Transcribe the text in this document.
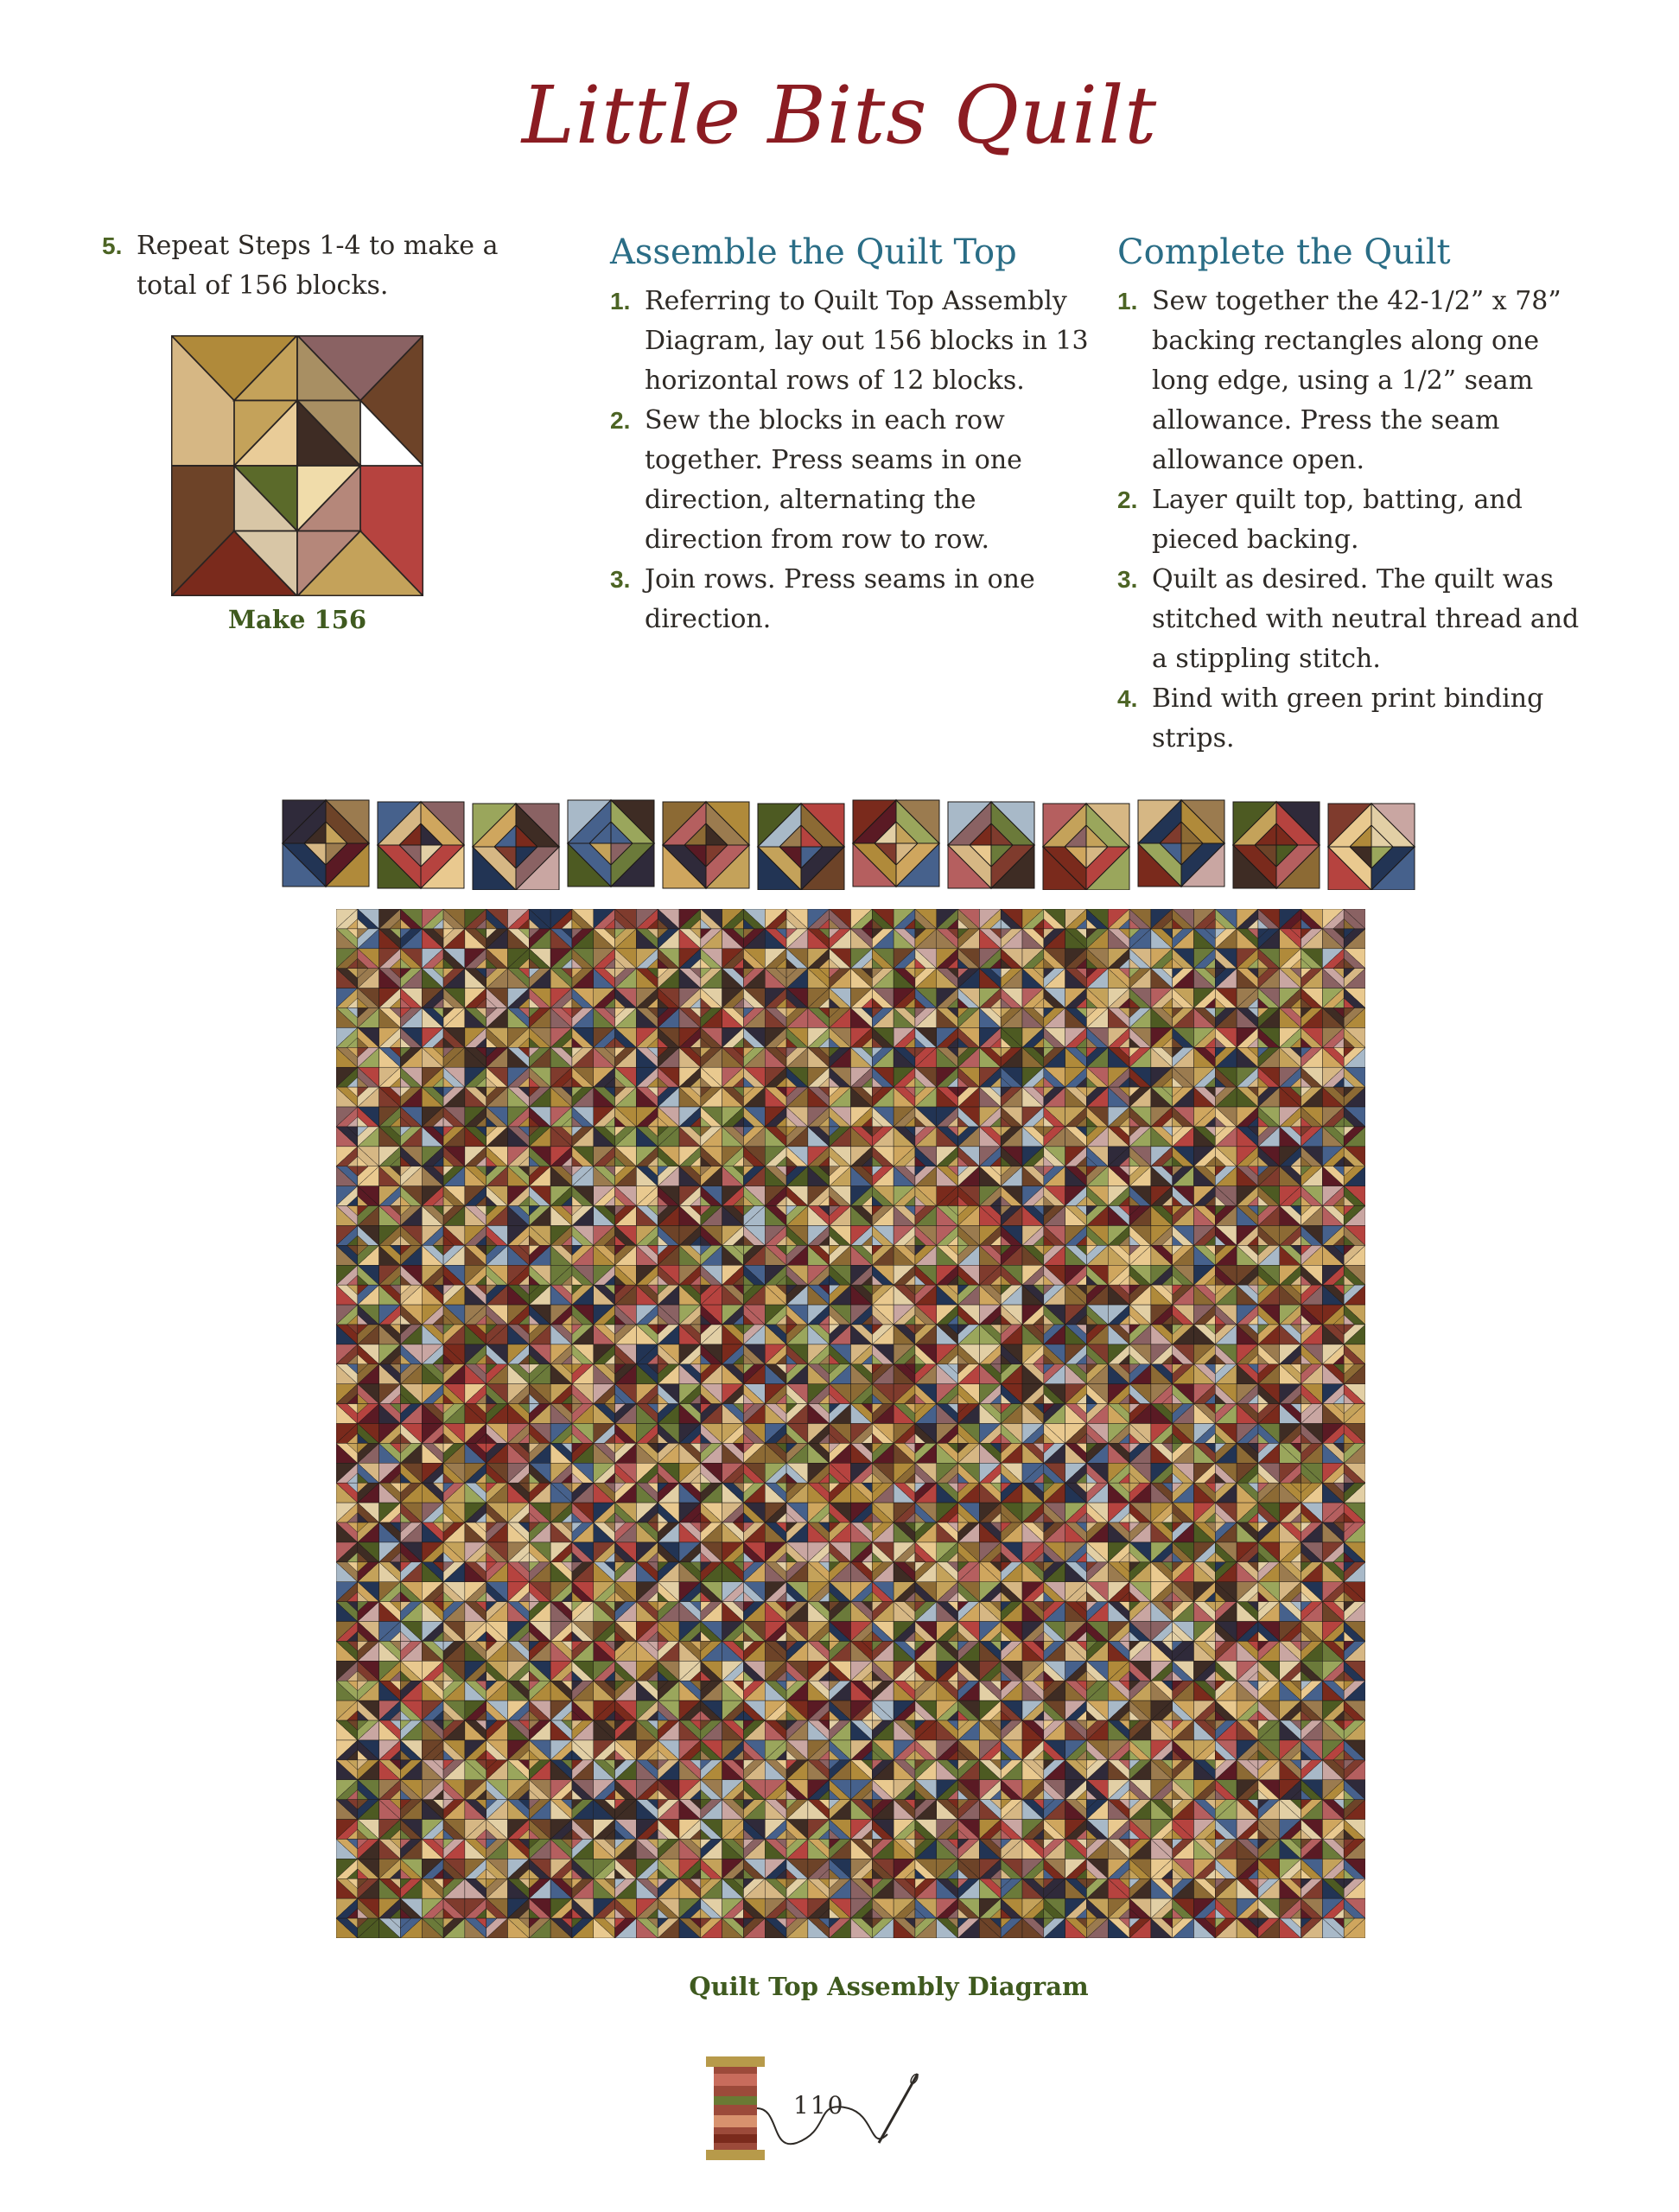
Little Bits Quilt
5. Repeat Steps 1-4 to make a total of 156 blocks.
Make 156
Assemble the Quilt Top
1. Referring to Quilt Top Assembly Diagram, lay out 156 blocks in 13 horizontal rows of 12 blocks.
2. Sew the blocks in each row together. Press seams in one direction, alternating the direction from row to row.
3. Join rows. Press seams in one direction.
Complete the Quilt
1. Sew together the 42-1/2” x 78” backing rectangles along one long edge, using a 1/2” seam allowance. Press the seam allowance open.
2. Layer quilt top, batting, and pieced backing.
3. Quilt as desired. The quilt was stitched with neutral thread and a stippling stitch.
4. Bind with green print binding strips.
Quilt Top Assembly Diagram
110
